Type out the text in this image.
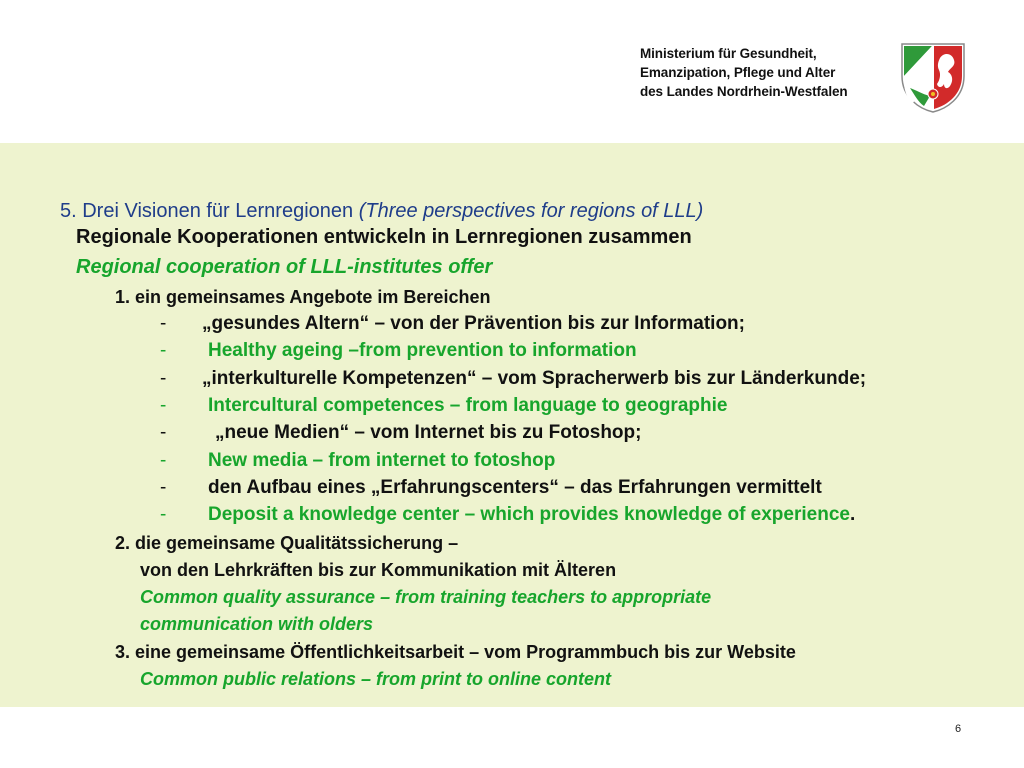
Ministerium für Gesundheit,
Emanzipation, Pflege und Alter
des Landes Nordrhein-Westfalen
5. Drei Visionen für Lernregionen (Three perspectives for regions of LLL)
Regionale Kooperationen entwickeln in Lernregionen zusammen
Regional cooperation of LLL-institutes offer
1. ein gemeinsames Angebote im Bereichen
- „gesundes Altern“ – von der Prävention bis zur Information;
- Healthy ageing –from prevention to information
- „interkulturelle Kompetenzen“ – vom Spracherwerb bis zur Länderkunde;
- Intercultural competences – from language to geographie
-	„neue Medien“ – vom Internet bis zu Fotoshop;
- New media – from internet to fotoshop
- den Aufbau eines „Erfahrungscenters“ – das Erfahrungen vermittelt
- Deposit a knowledge center – which provides knowledge of experience.
2. die gemeinsame Qualitätssicherung –
von den Lehrkräften bis zur Kommunikation mit Älteren
Common quality assurance – from training teachers to appropriate
communication with olders
3. eine gemeinsame Öffentlichkeitsarbeit – vom Programmbuch bis zur Website
Common public relations – from print to online content
6
